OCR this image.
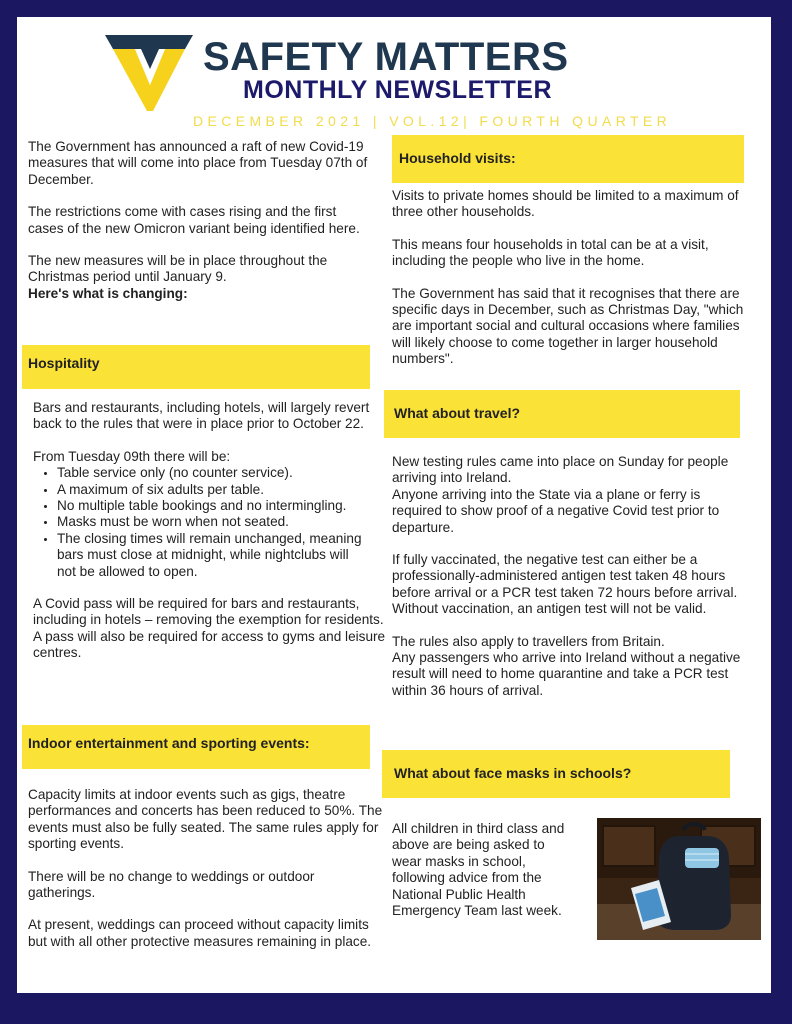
SAFETY MATTERS
MONTHLY NEWSLETTER
DECEMBER 2021 | VOL.12| FOURTH QUARTER

The Government has announced a raft of new Covid-19 measures that will come into place from Tuesday 07th of December.

The restrictions come with cases rising and the first cases of the new Omicron variant being identified here.

The new measures will be in place throughout the Christmas period until January 9.

Here's what is changing:
Hospitality

Bars and restaurants, including hotels, will largely revert back to the rules that were in place prior to October 22.

From Tuesday 09th there will be:
• Table service only (no counter service).
• A maximum of six adults per table.
• No multiple table bookings and no intermingling.
• Masks must be worn when not seated.
• The closing times will remain unchanged, meaning bars must close at midnight, while nightclubs will not be allowed to open.
A Covid pass will be required for bars and restaurants, including in hotels – removing the exemption for residents.
A pass will also be required for access to gyms and leisure centres.
Indoor entertainment and sporting events:

Capacity limits at indoor events such as gigs, theatre performances and concerts has been reduced to 50%. The events must also be fully seated. The same rules apply for sporting events.

There will be no change to weddings or outdoor gatherings.

At present, weddings can proceed without capacity limits but with all other protective measures remaining in place.

Household visits:

Visits to private homes should be limited to a maximum of three other households.

This means four households in total can be at a visit, including the people who live in the home.

The Government has said that it recognises that there are specific days in December, such as Christmas Day, "which are important social and cultural occasions where families will likely choose to come together in larger household numbers".

What about travel?
New testing rules came into place on Sunday for people arriving into Ireland.

Anyone arriving into the State via a plane or ferry is required to show proof of a negative Covid test prior to departure.

If fully vaccinated, the negative test can either be a professionally-administered antigen test taken 48 hours before arrival or a PCR test taken 72 hours before arrival. Without vaccination, an antigen test will not be valid.

The rules also apply to travellers from Britain.
Any passengers who arrive into Ireland without a negative result will need to home quarantine and take a PCR test within 36 hours of arrival.
What about face masks in schools?
All children in third class and above are being asked to wear masks in school, following advice from the National Public Health Emergency Team last week.
